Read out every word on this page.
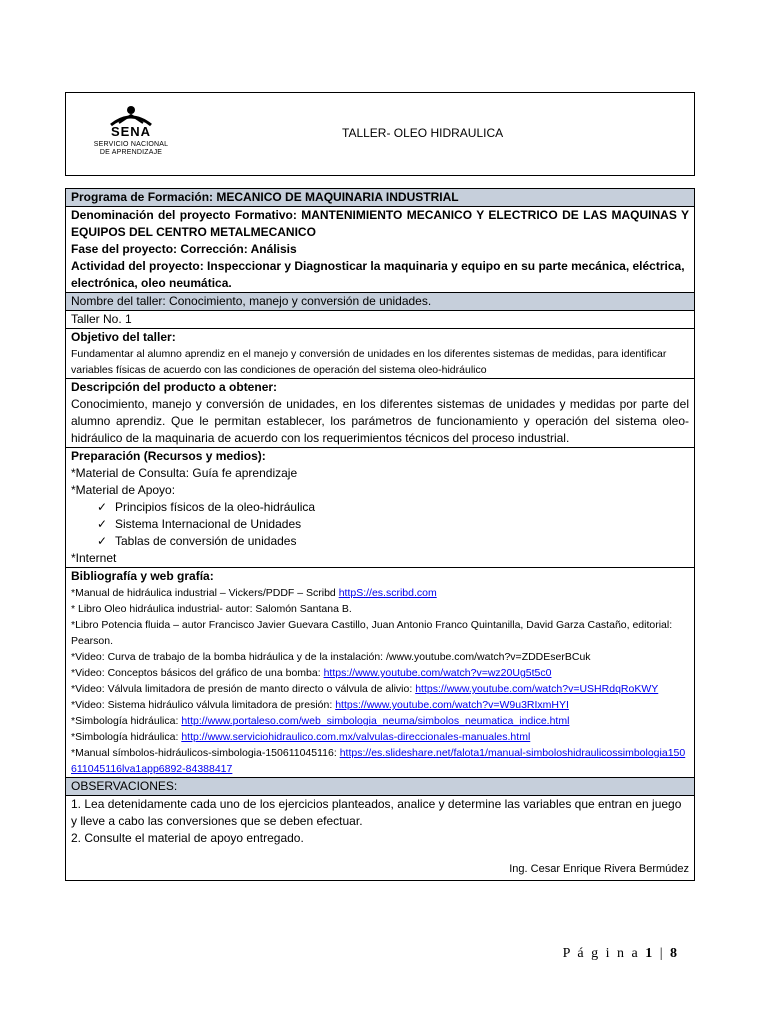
SENA
SERVICIO NACIONAL
DE APRENDIZAJE
TALLER- OLEO HIDRAULICA
Programa de Formación: MECANICO DE MAQUINARIA INDUSTRIAL

Denominación del proyecto Formativo: MANTENIMIENTO MECANICO Y ELECTRICO DE LAS MAQUINAS Y EQUIPOS DEL CENTRO METALMECANICO
Fase del proyecto: Corrección: Análisis
Actividad del proyecto: Inspeccionar y Diagnosticar la maquinaria y equipo en su parte mecánica, eléctrica, electrónica, oleo neumática.

Nombre del taller: Conocimiento, manejo y conversión de unidades.
Taller No. 1

Objetivo del taller:
Fundamentar al alumno aprendiz en el manejo y conversión de unidades en los diferentes sistemas de medidas, para identificar variables físicas de acuerdo con las condiciones de operación del sistema oleo-hidráulico

Descripción del producto a obtener:
Conocimiento, manejo y conversión de unidades, en los diferentes sistemas de unidades y medidas por parte del alumno aprendiz. Que le permitan establecer, los parámetros de funcionamiento y operación del sistema oleo-hidráulico de la maquinaria de acuerdo con los requerimientos técnicos del proceso industrial.

Preparación (Recursos y medios):
*Material de Consulta: Guía fe aprendizaje
*Material de Apoyo:
✓ Principios físicos de la oleo-hidráulica
✓ Sistema Internacional de Unidades
✓ Tablas de conversión de unidades
*Internet

Bibliografía y web grafía:
*Manual de hidráulica industrial – Vickers/PDDF – Scribd httpS://es.scribd.com
* Libro Oleo hidráulica industrial- autor: Salomón Santana B.
*Libro Potencia fluida – autor Francisco Javier Guevara Castillo, Juan Antonio Franco Quintanilla, David Garza Castaño, editorial: Pearson.
*Video: Curva de trabajo de la bomba hidráulica y de la instalación: /www.youtube.com/watch?v=ZDDEserBCuk
*Video: Conceptos básicos del gráfico de una bomba: https://www.youtube.com/watch?v=wz20Ug5t5c0
*Video: Válvula limitadora de presión de manto directo o válvula de alivio: https://www.youtube.com/watch?v=USHRdqRoKWY
*Video: Sistema hidráulico válvula limitadora de presión: https://www.youtube.com/watch?v=W9u3RIxmHYI
*Simbología hidráulica: http://www.portaleso.com/web_simbologia_neuma/simbolos_neumatica_indice.html
*Simbología hidráulica: http://www.serviciohidraulico.com.mx/valvulas-direccionales-manuales.html
*Manual símbolos-hidráulicos-simbologia-150611045116: https://es.slideshare.net/falota1/manual-simboloshidraulicossimbologia150611045116lva1app6892-84388417

OBSERVACIONES:

1. Lea detenidamente cada uno de los ejercicios planteados, analice y determine las variables que entran en juego y lleve a cabo las conversiones que se deben efectuar.
2. Consulte el material de apoyo entregado.
Ing. Cesar Enrique Rivera Bermúdez
P á g i n a 1 | 8
